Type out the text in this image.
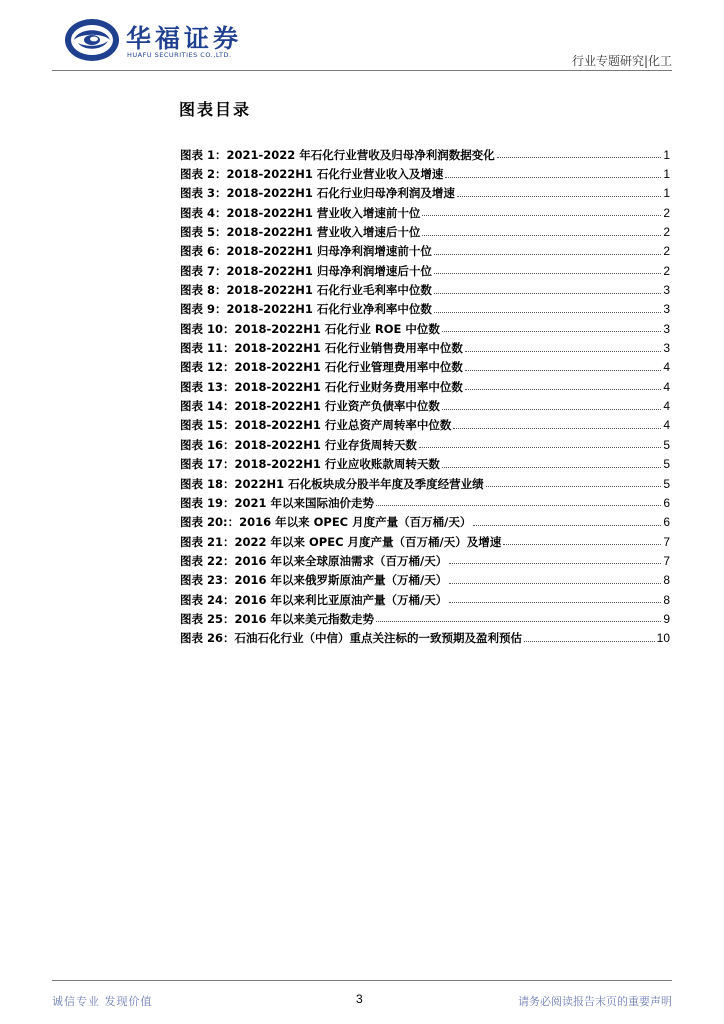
华福证券
HUAFU SECURITIES CO.,LTD.	行业专题研究|化工
图表目录
图表 1：2021-2022 年石化行业营收及归母净利润数据变化	1
图表 2：2018-2022H1 石化行业营业收入及增速	1
图表 3：2018-2022H1 石化行业归母净利润及增速	1
图表 4：2018-2022H1 营业收入增速前十位	2
图表 5：2018-2022H1 营业收入增速后十位	2
图表 6：2018-2022H1 归母净利润增速前十位	2
图表 7：2018-2022H1 归母净利润增速后十位	2
图表 8：2018-2022H1 石化行业毛利率中位数	3
图表 9：2018-2022H1 石化行业净利率中位数	3
图表 10：2018-2022H1 石化行业 ROE 中位数	3
图表 11：2018-2022H1 石化行业销售费用率中位数	3
图表 12：2018-2022H1 石化行业管理费用率中位数	4
图表 13：2018-2022H1 石化行业财务费用率中位数	4
图表 14：2018-2022H1 行业资产负债率中位数	4
图表 15：2018-2022H1 行业总资产周转率中位数	4
图表 16：2018-2022H1 行业存货周转天数	5
图表 17：2018-2022H1 行业应收账款周转天数	5
图表 18：2022H1 石化板块成分股半年度及季度经营业绩	5
图表 19：2021 年以来国际油价走势	6
图表 20:：2016 年以来 OPEC 月度产量（百万桶/天）	6
图表 21：2022 年以来 OPEC 月度产量（百万桶/天）及增速	7
图表 22：2016 年以来全球原油需求（百万桶/天）	7
图表 23：2016 年以来俄罗斯原油产量（万桶/天）	8
图表 24：2016 年以来利比亚原油产量（万桶/天）	8
图表 25：2016 年以来美元指数走势	9
图表 26：石油石化行业（中信）重点关注标的一致预期及盈利预估	10
诚信专业 发现价值	3	请务必阅读报告末页的重要声明
